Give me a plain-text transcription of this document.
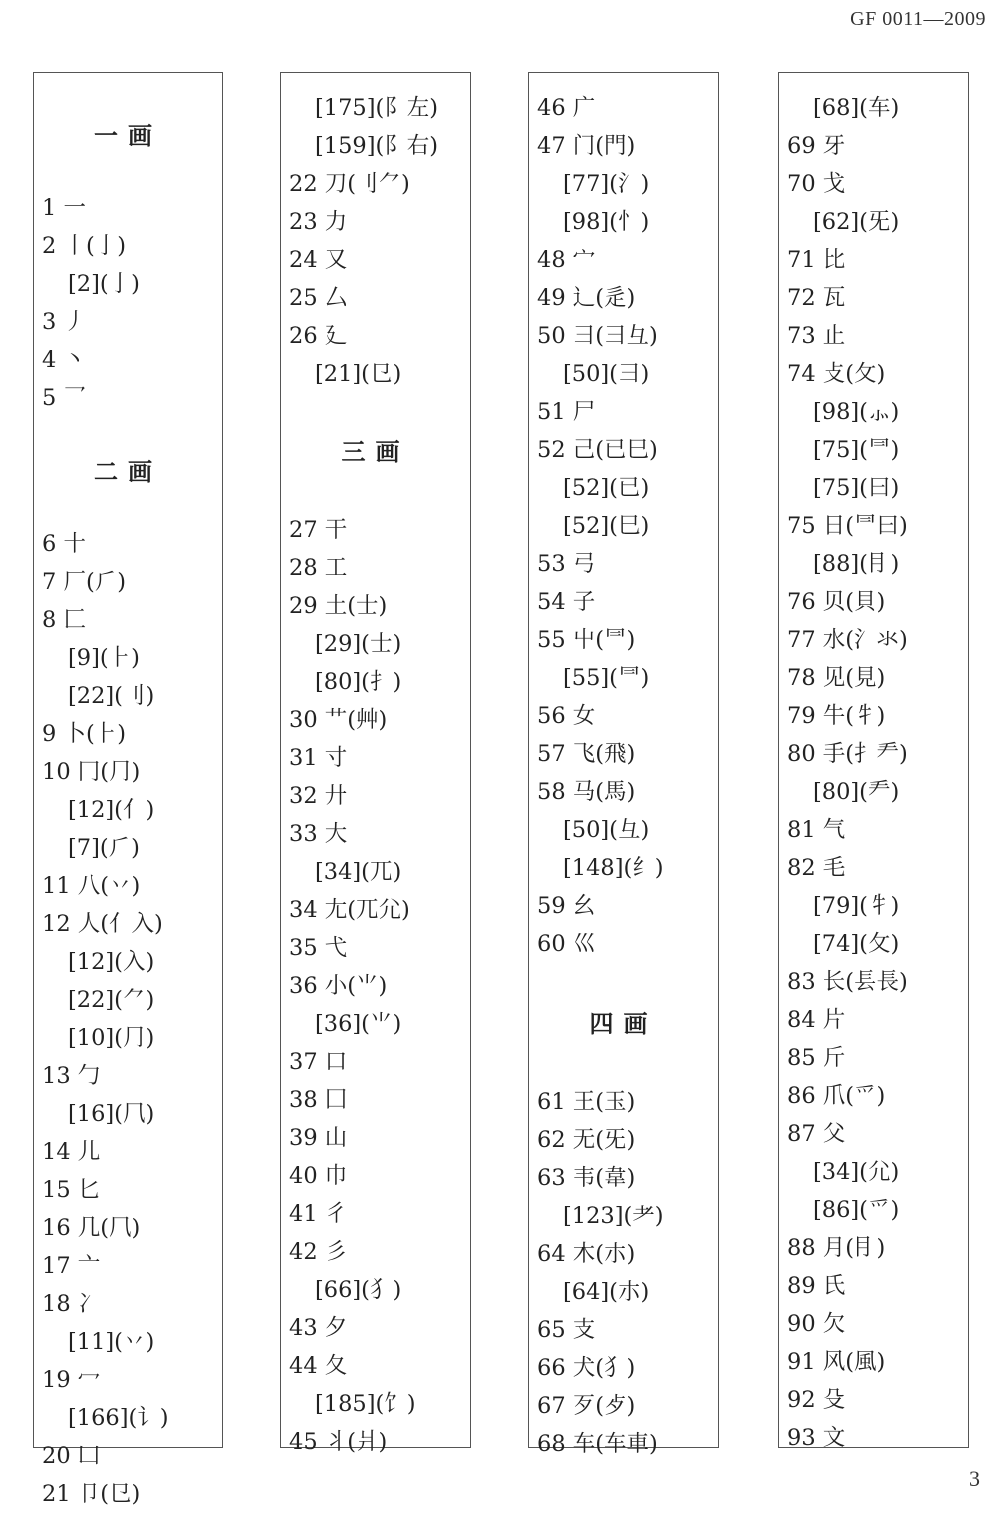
GF 0011—2009
一画
1 一
2 丨(亅)
[2](亅)
3 丿
4 丶
5 乛
二画
6 十
7 厂(⺁)
8 匚
[9](⺊)
[22](刂)
9 卜(⺊)
10 冂(⺆)
[12](亻)
[7](⺁)
11 八(丷)
12 人(亻入)
[12](入)
[22](⺈)
[10](⺆)
13 勹
[16](⺇)
14 儿
15 匕
16 几(⺇)
17 亠
18 冫
[11](丷)
19 冖
[166](讠)
20 凵
21 卩(㔾)
[175](阝左)
[159](阝右)
22 刀(刂⺈)
23 力
24 又
25 厶
26 廴
[21](㔾)
三画
27 干
28 工
29 土(士)
[29](士)
[80](扌)
30 艹(艸)
31 寸
32 廾
33 大
[34](兀)
34 尢(兀尣)
35 弋
36 小(⺌)
[36](⺌)
37 口
38 囗
39 山
40 巾
41 彳
42 彡
[66](犭)
43 夕
44 夂
[185](饣)
45 丬(爿)
46 广
47 门(門)
[77](氵)
[98](忄)
48 宀
49 辶(辵)
50 彐(⺕彑)
[50](⺕)
51 尸
52 己(已巳)
[52](已)
[52](巳)
53 弓
54 子
55 屮(⺜)
[55](⺜)
56 女
57 飞(飛)
58 马(馬)
[50](彑)
[148](纟)
59 幺
60 巛
四画
61 王(玉)
62 无(旡)
63 韦(韋)
[123](⺹)
64 木(朩)
[64](朩)
65 支
66 犬(犭)
67 歹(歺)
68 车(车車)
[68](车)
69 牙
70 戈
[62](旡)
71 比
72 瓦
73 止
74 攴(攵)
[98](⺗)
[75](⺜)
[75](曰)
75 日(⺜曰)
[88](⺝)
76 贝(貝)
77 水(氵氺)
78 见(見)
79 牛(牜)
80 手(扌龵)
[80](龵)
81 气
82 毛
[79](牜)
[74](攵)
83 长(镸長)
84 片
85 斤
86 爪(爫)
87 父
[34](尣)
[86](爫)
88 月(⺝)
89 氏
90 欠
91 风(風)
92 殳
93 文
3
